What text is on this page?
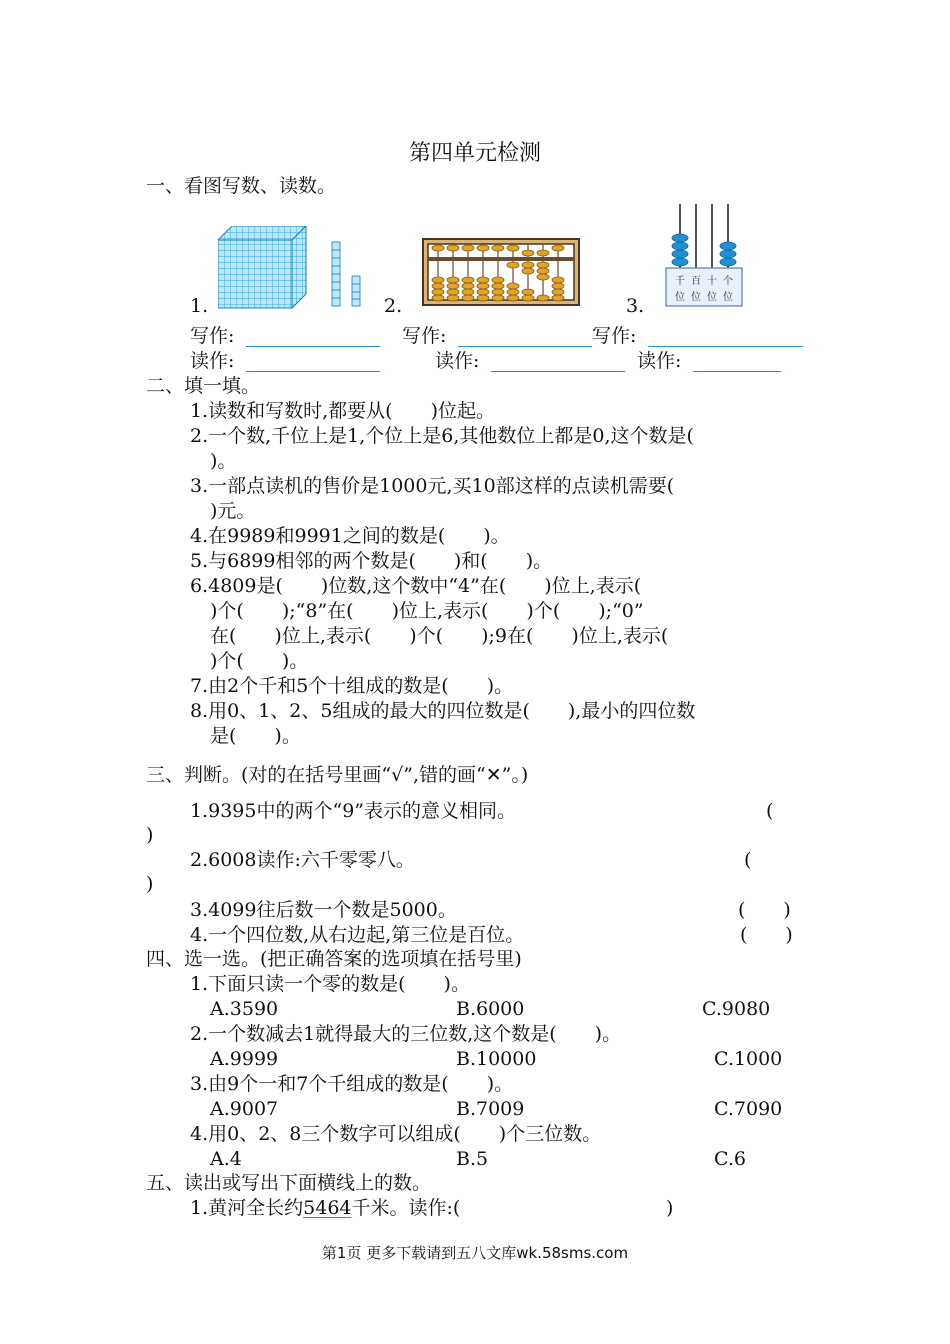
第四单元检测
一、看图写数、读数。
1.	2.	3.
千 百 十 个
位 位 位 位
写作:	写作:	写作:
读作:	读作:	读作:
二、填一填。
1.读数和写数时,都要从(　　)位起。
2.一个数,千位上是1,个位上是6,其他数位上都是0,这个数是(
)。
3.一部点读机的售价是1000元,买10部这样的点读机需要(
)元。
4.在9989和9991之间的数是(　　)。
5.与6899相邻的两个数是(　　)和(　　)。
6.4809是(　　)位数,这个数中“4”在(　　)位上,表示(
)个(　　);“8”在(　　)位上,表示(　　)个(　　);“0”
在(　　)位上,表示(　　)个(　　);9在(　　)位上,表示(
)个(　　)。
7.由2个千和5个十组成的数是(　　)。
8.用0、1、2、5组成的最大的四位数是(　　),最小的四位数
是(　　)。
三、判断。(对的在括号里画“√”,错的画“✕”。)
1.9395中的两个“9”表示的意义相同。	(
)
2.6008读作:六千零零八。	(
)
3.4099往后数一个数是5000。	(　　)
4.一个四位数,从右边起,第三位是百位。	(　　)
四、选一选。(把正确答案的选项填在括号里)
1.下面只读一个零的数是(　　)。
A.3590	B.6000	C.9080
2.一个数减去1就得最大的三位数,这个数是(　　)。
A.9999	B.10000	C.1000
3.由9个一和7个千组成的数是(　　)。
A.9007	B.7009	C.7090
4.用0、2、8三个数字可以组成(　　)个三位数。
A.4	B.5	C.6
五、读出或写出下面横线上的数。
1.黄河全长约5464千米。读作:(	)
第1页 更多下载请到五八文库wk.58sms.com
